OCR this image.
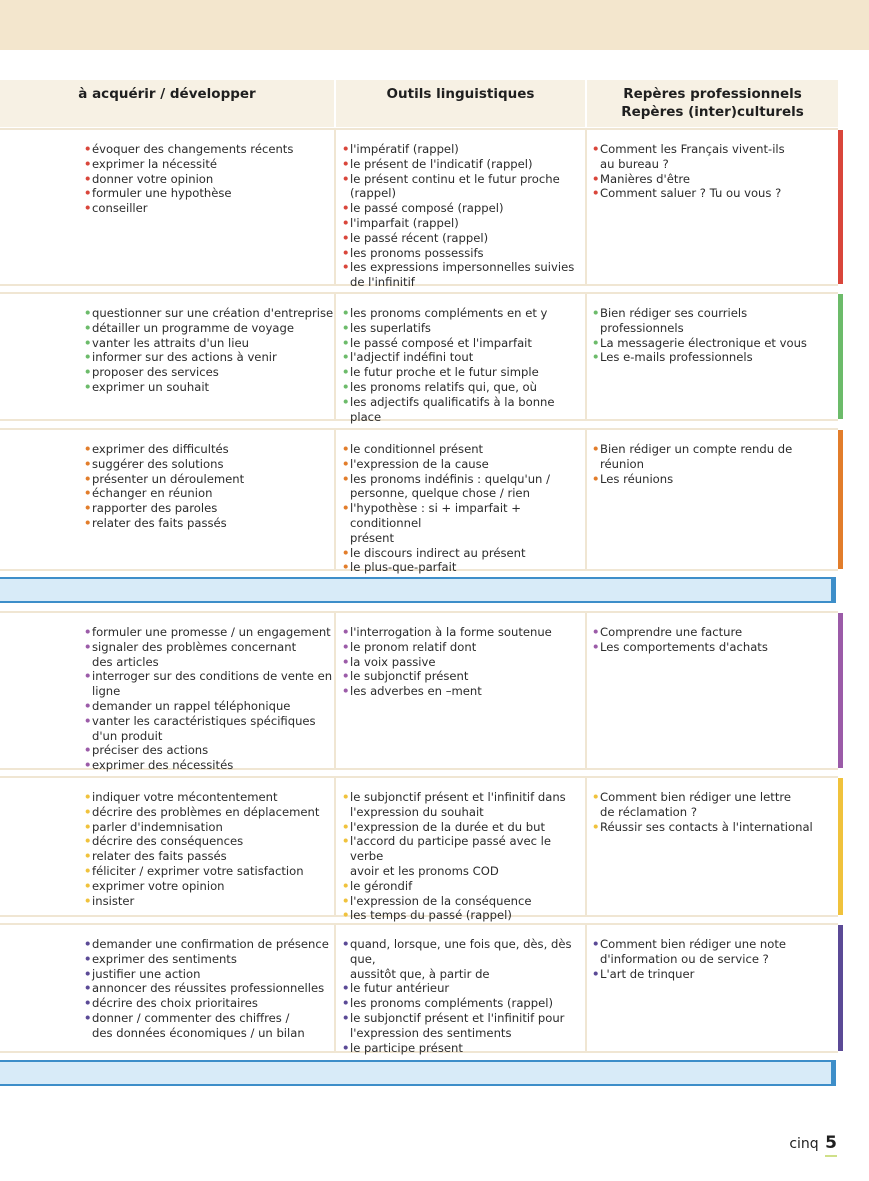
à acquérir / développer	Outils linguistiques	Repères professionnels
Repères (inter)culturels
• évoquer des changements récents
• exprimer la nécessité
• donner votre opinion
• formuler une hypothèse
• conseiller
• l'impératif (rappel)
• le présent de l'indicatif (rappel)
• le présent continu et le futur proche (rappel)
• le passé composé (rappel)
• l'imparfait (rappel)
• le passé récent (rappel)
• les pronoms possessifs
• les expressions impersonnelles suivies
de l'infinitif
• Comment les Français vivent-ils
au bureau ?
• Manières d'être
• Comment saluer ? Tu ou vous ?
• questionner sur une création d'entreprise
• détailler un programme de voyage
• vanter les attraits d'un lieu
• informer sur des actions à venir
• proposer des services
• exprimer un souhait
• les pronoms compléments en et y
• les superlatifs
• le passé composé et l'imparfait
• l'adjectif indéfini tout
• le futur proche et le futur simple
• les pronoms relatifs qui, que, où
• les adjectifs qualificatifs à la bonne place
• Bien rédiger ses courriels professionnels
• La messagerie électronique et vous
• Les e-mails professionnels
• exprimer des difficultés
• suggérer des solutions
• présenter un déroulement
• échanger en réunion
• rapporter des paroles
• relater des faits passés
• le conditionnel présent
• l'expression de la cause
• les pronoms indéfinis : quelqu'un /
personne, quelque chose / rien
• l'hypothèse : si + imparfait + conditionnel
présent
• le discours indirect au présent
• le plus-que-parfait
• Bien rédiger un compte rendu de réunion
• Les réunions
• formuler une promesse / un engagement
• signaler des problèmes concernant
des articles
• interroger sur des conditions de vente en ligne
• demander un rappel téléphonique
• vanter les caractéristiques spécifiques
d'un produit
• préciser des actions
• exprimer des nécessités
• l'interrogation à la forme soutenue
• le pronom relatif dont
• la voix passive
• le subjonctif présent
• les adverbes en –ment
• Comprendre une facture
• Les comportements d'achats
• indiquer votre mécontentement
• décrire des problèmes en déplacement
• parler d'indemnisation
• décrire des conséquences
• relater des faits passés
• féliciter / exprimer votre satisfaction
• exprimer votre opinion
• insister
• le subjonctif présent et l'infinitif dans
l'expression du souhait
• l'expression de la durée et du but
• l'accord du participe passé avec le verbe
avoir et les pronoms COD
• le gérondif
• l'expression de la conséquence
• les temps du passé (rappel)
• Comment bien rédiger une lettre
de réclamation ?
• Réussir ses contacts à l'international
• demander une confirmation de présence
• exprimer des sentiments
• justifier une action
• annoncer des réussites professionnelles
• décrire des choix prioritaires
• donner / commenter des chiffres /
des données économiques / un bilan
• quand, lorsque, une fois que, dès, dès que,
aussitôt que, à partir de
• le futur antérieur
• les pronoms compléments (rappel)
• le subjonctif présent et l'infinitif pour
l'expression des sentiments
• le participe présent
• Comment bien rédiger une note
d'information ou de service ?
• L'art de trinquer
cinq 5
